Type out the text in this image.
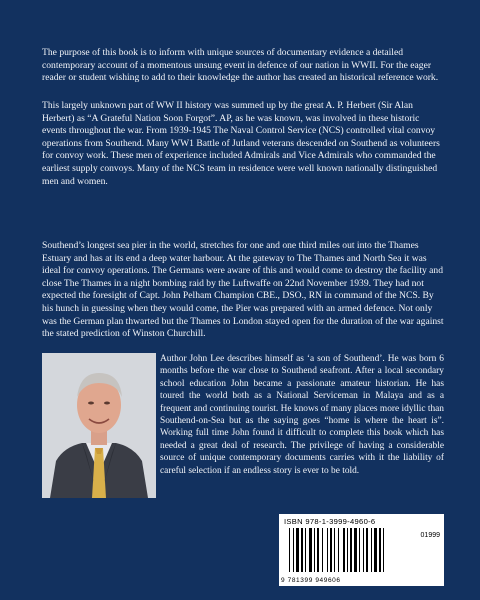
The purpose of this book is to inform with unique sources of documentary evidence a detailed contemporary account of a momentous unsung event in defence of our nation in WWII. For the eager reader or student wishing to add to their knowledge the author has created an historical reference work.

This largely unknown part of WW II history was summed up by the great A. P. Herbert (Sir Alan Herbert) as “A Grateful Nation Soon Forgot”. AP, as he was known, was involved in these historic events throughout the war. From 1939-1945 The Naval Control Service (NCS) controlled vital convoy operations from Southend. Many WW1 Battle of Jutland veterans descended on Southend as volunteers for convoy work. These men of experience included Admirals and Vice Admirals who commanded the earliest supply convoys. Many of the NCS team in residence were well known nationally distinguished men and women.

Southend’s longest sea pier in the world, stretches for one and one third miles out into the Thames Estuary and has at its end a deep water harbour. At the gateway to The Thames and North Sea it was ideal for convoy operations. The Germans were aware of this and would come to destroy the facility and close The Thames in a night bombing raid by the Luftwaffe on 22nd November 1939. They had not expected the foresight of Capt. John Pelham Champion CBE., DSO., RN in command of the NCS. By his hunch in guessing when they would come, the Pier was prepared with an armed defence. Not only was the German plan thwarted but the Thames to London stayed open for the duration of the war against the stated prediction of Winston Churchill.

Author John Lee describes himself as ‘a son of Southend’. He was born 6 months before the war close to Southend seafront. After a local secondary school education John became a passionate amateur historian. He has toured the world both as a National Serviceman in Malaya and as a frequent and continuing tourist. He knows of many places more idyllic than Southend-on-Sea but as the saying goes “home is where the heart is”. Working full time John found it difficult to complete this book which has needed a great deal of research. The privilege of having a considerable source of unique contemporary documents carries with it the liability of careful selection if an endless story is ever to be told.

ISBN 978-1-3999-4960-6
01999
9 781399 949606
